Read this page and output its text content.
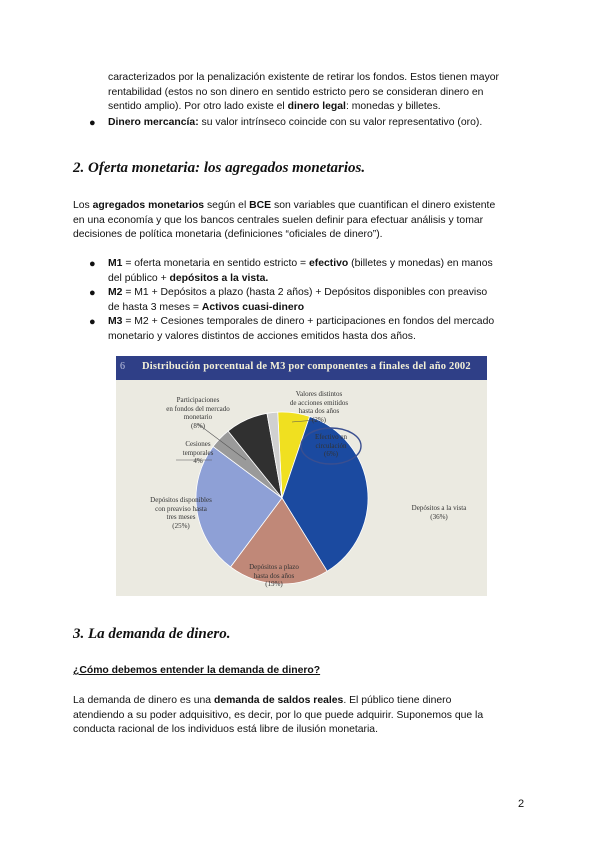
caracterizados por la penalización existente de retirar los fondos. Estos tienen mayor
rentabilidad (estos no son dinero en sentido estricto pero se consideran dinero en
sentido amplio). Por otro lado existe el dinero legal: monedas y billetes.
● Dinero mercancía: su valor intrínseco coincide con su valor representativo (oro).
2. Oferta monetaria: los agregados monetarios.
Los agregados monetarios según el BCE son variables que cuantifican el dinero existente
en una economía y que los bancos centrales suelen definir para efectuar análisis y tomar
decisiones de política monetaria (definiciones “oficiales de dinero”).
● M1 = oferta monetaria en sentido estricto = efectivo (billetes y monedas) en manos
del público + depósitos a la vista.
● M2 = M1 + Depósitos a plazo (hasta 2 años) + Depósitos disponibles con preaviso
de hasta 3 meses = Activos cuasi-dinero
● M3 = M2 + Cesiones temporales de dinero + participaciones en fondos del mercado
monetario y valores distintos de acciones emitidos hasta dos años.
6 Distribución porcentual de M3 por componentes a finales del año 2002
Participaciones
en fondos del mercado
monetario
(8%)
Valores distintos
de acciones emitidos
hasta dos años
(2%)
Efectivo en
circulación
(6%)
Cesiones
temporales
4%
Depósitos disponibles
con preaviso hasta
tres meses
(25%)
Depósitos a la vista
(36%)
Depósitos a plazo
hasta dos años
(19%)
3. La demanda de dinero.
¿Cómo debemos entender la demanda de dinero?
La demanda de dinero es una demanda de saldos reales. El público tiene dinero
atendiendo a su poder adquisitivo, es decir, por lo que puede adquirir. Suponemos que la
conducta racional de los individuos está libre de ilusión monetaria.
2
